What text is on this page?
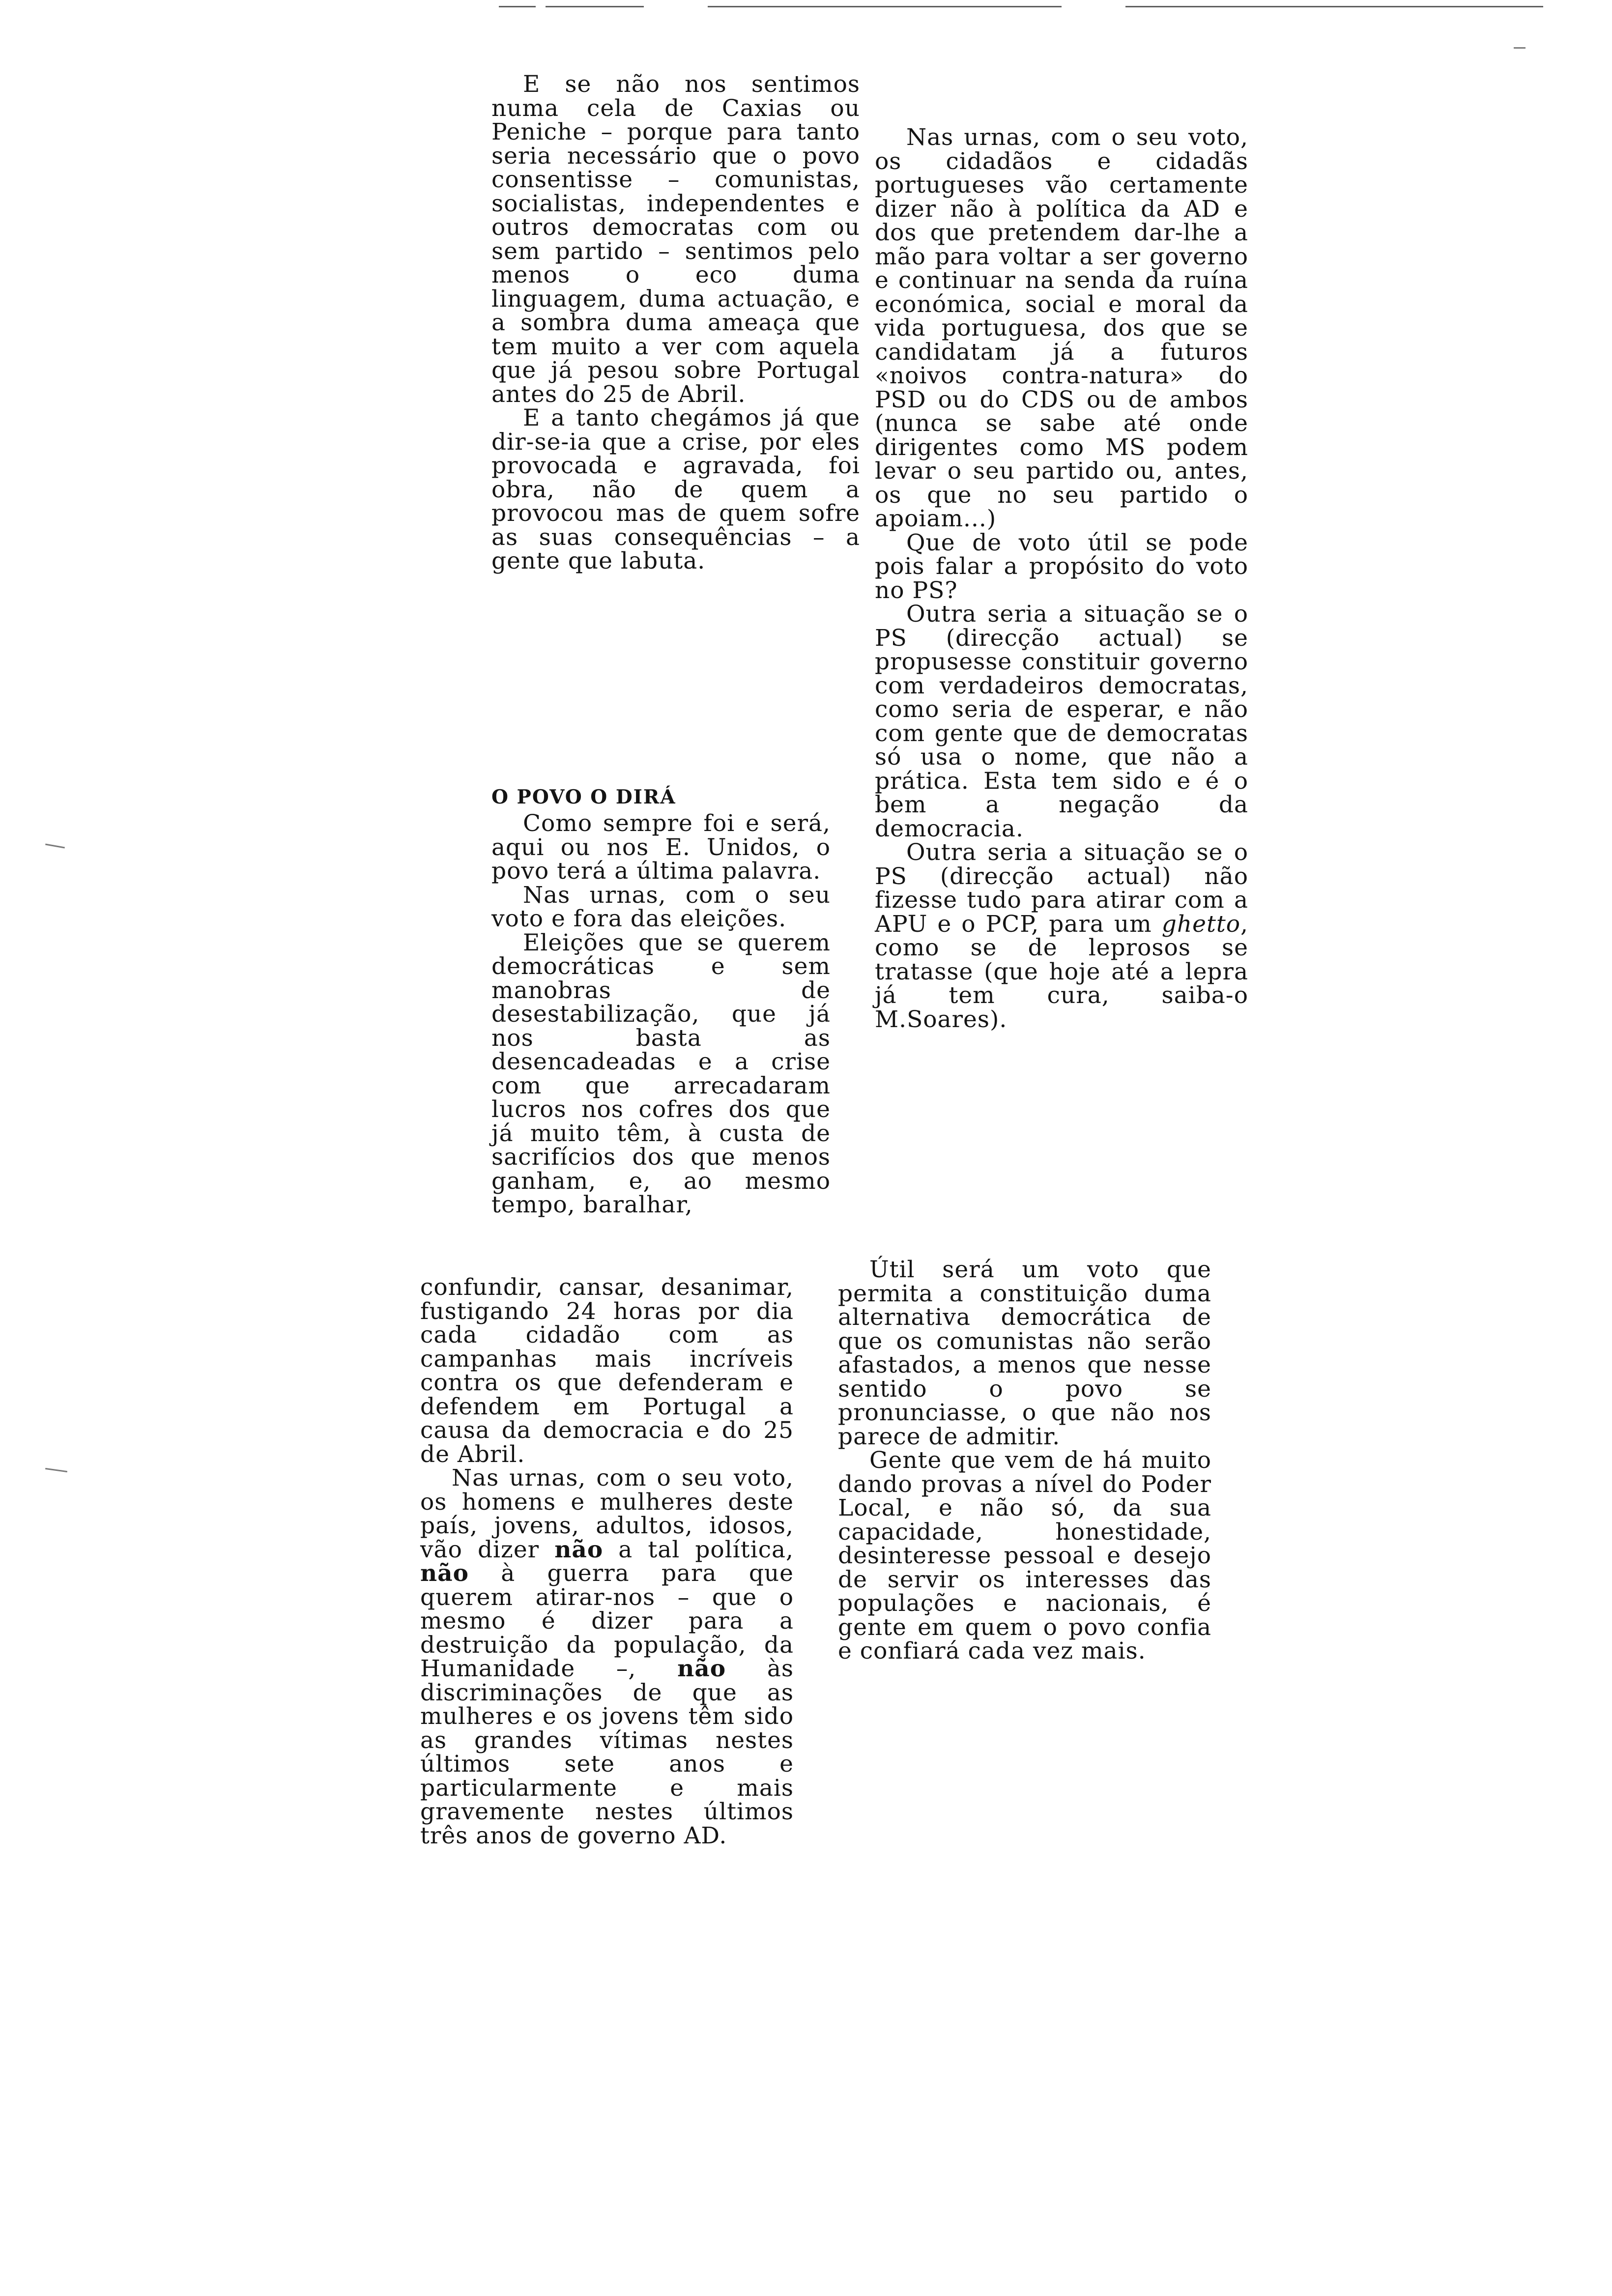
E se não nos sentimos numa cela de Caxias ou Peniche – porque para tanto seria necessário que o povo consentisse – comunistas, socialistas, independentes e outros democratas com ou sem partido – sentimos pelo menos o eco duma linguagem, duma actuação, e a sombra duma ameaça que tem muito a ver com aquela que já pesou sobre Portugal antes do 25 de Abril.

E a tanto chegámos já que dir-se-ia que a crise, por eles provocada e agravada, foi obra, não de quem a provocou mas de quem sofre as suas consequências – a gente que labuta.

O POVO O DIRÁ

Como sempre foi e será, aqui ou nos E. Unidos, o povo terá a última palavra.

Nas urnas, com o seu voto e fora das eleições.

Eleições que se querem democráticas e sem manobras de desestabilização, que já nos basta as desencadeadas e a crise com que arrecadaram lucros nos cofres dos que já muito têm, à custa de sacrifícios dos que menos ganham, e, ao mesmo tempo, baralhar,

confundir, cansar, desanimar, fustigando 24 horas por dia cada cidadão com as campanhas mais incríveis contra os que defenderam e defendem em Portugal a causa da democracia e do 25 de Abril.

Nas urnas, com o seu voto, os homens e mulheres deste país, jovens, adultos, idosos, vão dizer não a tal política, não à guerra para que querem atirar-nos – que o mesmo é dizer para a destruição da população, da Humanidade –, não às discriminações de que as mulheres e os jovens têm sido as grandes vítimas nestes últimos sete anos e particularmente e mais gravemente nestes últimos três anos de governo AD.

Nas urnas, com o seu voto, os cidadãos e cidadãs portugueses vão certamente dizer não à política da AD e dos que pretendem dar-lhe a mão para voltar a ser governo e continuar na senda da ruína económica, social e moral da vida portuguesa, dos que se candidatam já a futuros «noivos contra-natura» do PSD ou do CDS ou de ambos (nunca se sabe até onde dirigentes como MS podem levar o seu partido ou, antes, os que no seu partido o apoiam...)

Que de voto útil se pode pois falar a propósito do voto no PS?

Outra seria a situação se o PS (direcção actual) se propusesse constituir governo com verdadeiros democratas, como seria de esperar, e não com gente que de democratas só usa o nome, que não a prática. Esta tem sido e é o bem a negação da democracia.

Outra seria a situação se o PS (direcção actual) não fizesse tudo para atirar com a APU e o PCP, para um ghetto, como se de leprosos se tratasse (que hoje até a lepra já tem cura, saiba-o M.Soares).

Útil será um voto que permita a constituição duma alternativa democrática de que os comunistas não serão afastados, a menos que nesse sentido o povo se pronunciasse, o que não nos parece de admitir.

Gente que vem de há muito dando provas a nível do Poder Local, e não só, da sua capacidade, honestidade, desinteresse pessoal e desejo de servir os interesses das populações e nacionais, é gente em quem o povo confia e confiará cada vez mais.
